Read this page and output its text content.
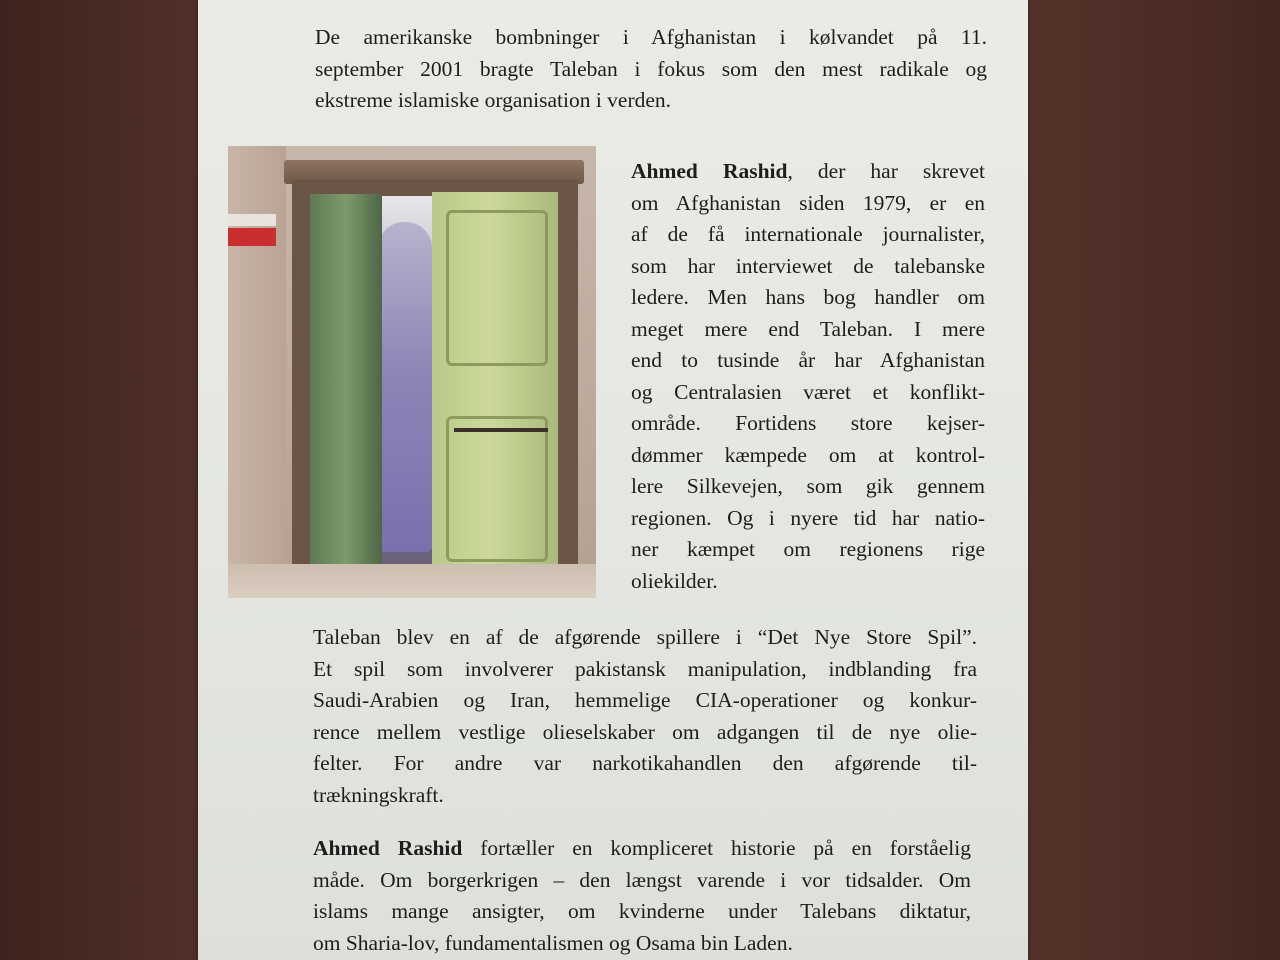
De amerikanske bombninger i Afghanistan i kølvandet på 11.
september 2001 bragte Taleban i fokus som den mest radikale og
ekstreme islamiske organisation i verden.

Ahmed Rashid, der har skrevet
om Afghanistan siden 1979, er en
af de få internationale journalister,
som har interviewet de talebanske
ledere. Men hans bog handler om
meget mere end Taleban. I mere
end to tusinde år har Afghanistan
og Centralasien været et konflikt-
område. Fortidens store kejser-
dømmer kæmpede om at kontrol-
lere Silkevejen, som gik gennem
regionen. Og i nyere tid har natio-
ner kæmpet om regionens rige
oliekilder.

Taleban blev en af de afgørende spillere i “Det Nye Store Spil”.
Et spil som involverer pakistansk manipulation, indblanding fra
Saudi-Arabien og Iran, hemmelige CIA-operationer og konkur-
rence mellem vestlige olieselskaber om adgangen til de nye olie-
felter. For andre var narkotikahandlen den afgørende til-
trækningskraft.

Ahmed Rashid fortæller en kompliceret historie på en forståelig
måde. Om borgerkrigen – den længst varende i vor tidsalder. Om
islams mange ansigter, om kvinderne under Talebans diktatur,
om Sharia-lov, fundamentalismen og Osama bin Laden.
